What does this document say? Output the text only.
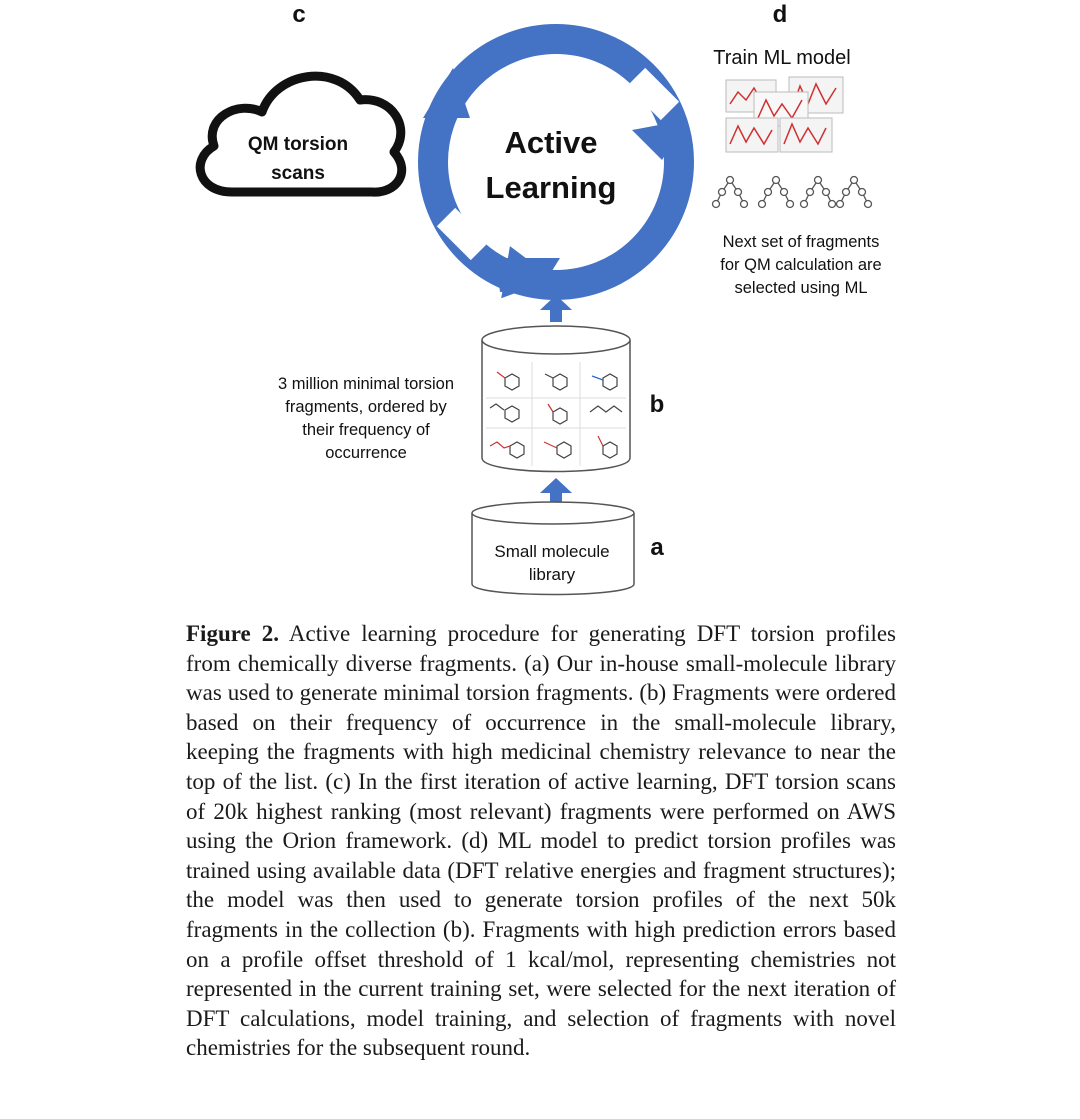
Active
Learning
QM torsion
scans
c	d
b
a
Train ML model
Next set of fragments
for QM calculation are
selected using ML
3 million minimal torsion
fragments, ordered by
their frequency of
occurrence
Small molecule
library
Figure 2. Active learning procedure for generating DFT torsion profiles from chemically diverse fragments. (a) Our in-house small-molecule library was used to generate minimal torsion fragments. (b) Fragments were ordered based on their frequency of occurrence in the small-molecule library, keeping the fragments with high medicinal chemistry relevance to near the top of the list. (c) In the first iteration of active learning, DFT torsion scans of 20k highest ranking (most relevant) fragments were performed on AWS using the Orion framework. (d) ML model to predict torsion profiles was trained using available data (DFT relative energies and fragment structures); the model was then used to generate torsion profiles of the next 50k fragments in the collection (b). Fragments with high prediction errors based on a profile offset threshold of 1 kcal/mol, representing chemistries not represented in the current training set, were selected for the next iteration of DFT calculations, model training, and selection of fragments with novel chemistries for the subsequent round.
